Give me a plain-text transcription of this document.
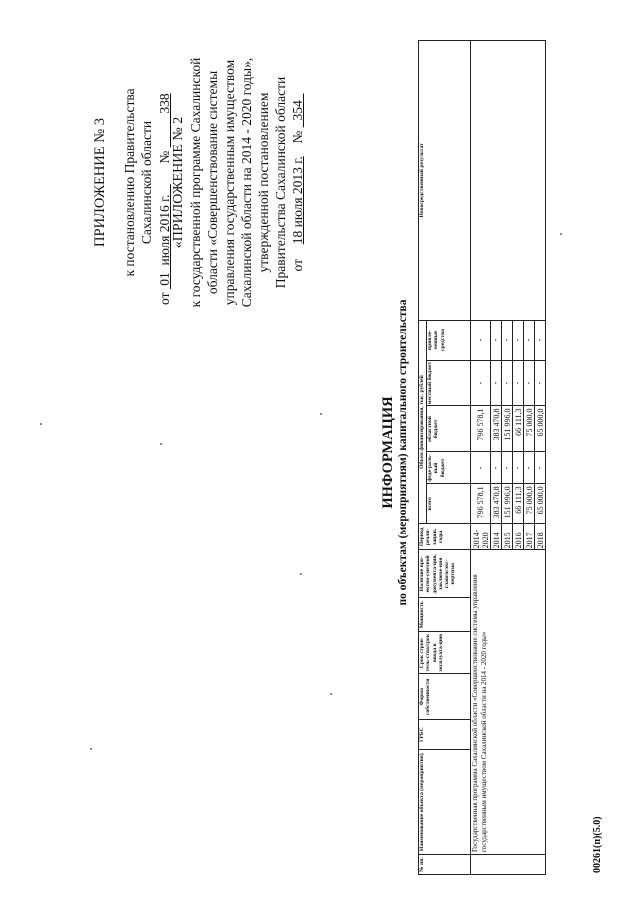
ПРИЛОЖЕНИЕ № 3 к постановлению Правительства Сахалинской области
от  01  июля 2016 г.     №           338
«ПРИЛОЖЕНИЕ № 2 к государственной программе Сахалинской области «Совершенствование системы управления государственным имуществом Сахалинской области на 2014 - 2020 годы», утвержденной постановлением Правительства Сахалинской области от  18 июля 2013 г.  №   354
ИНФОРМАЦИЯ по объектам (мероприятиям) капитального строительства
№ пп.	Наименование объекта (мероприятия)	ГРБС	Форма собственности	Срок строи-тель-ства/срок ввода в эксплуата-цию	Мощность	Наличие про-ектно-сметной документа-ции, заключе-ния главгосэкс-пертизы	Период реали-зации, годы	Объем финансирования, тыс. рублей					Непосредственный результат
								всего	феде-раль-ный бюджет	областной бюджет	местный бюджет	привле-ченные средства	
	Государственная программа Сахалинской области «Совершенствование системы управления государственным имуществом Сахалинской области на 2014 - 2020 годы»						2014-2020	796 578,1	-	796 578,1	-	-	
							2014	383 470,8	-	383 470,8	-	-	
							2015	151 996,0	-	151 996,0	-	-	
							2016	66 111,3	-	66 111,3	-	-	
							2017	75 000,0	-	75 000,0	-	-	
							2018	65 000,0	-	65 000,0	-	-	
00261(п)(5.0)
